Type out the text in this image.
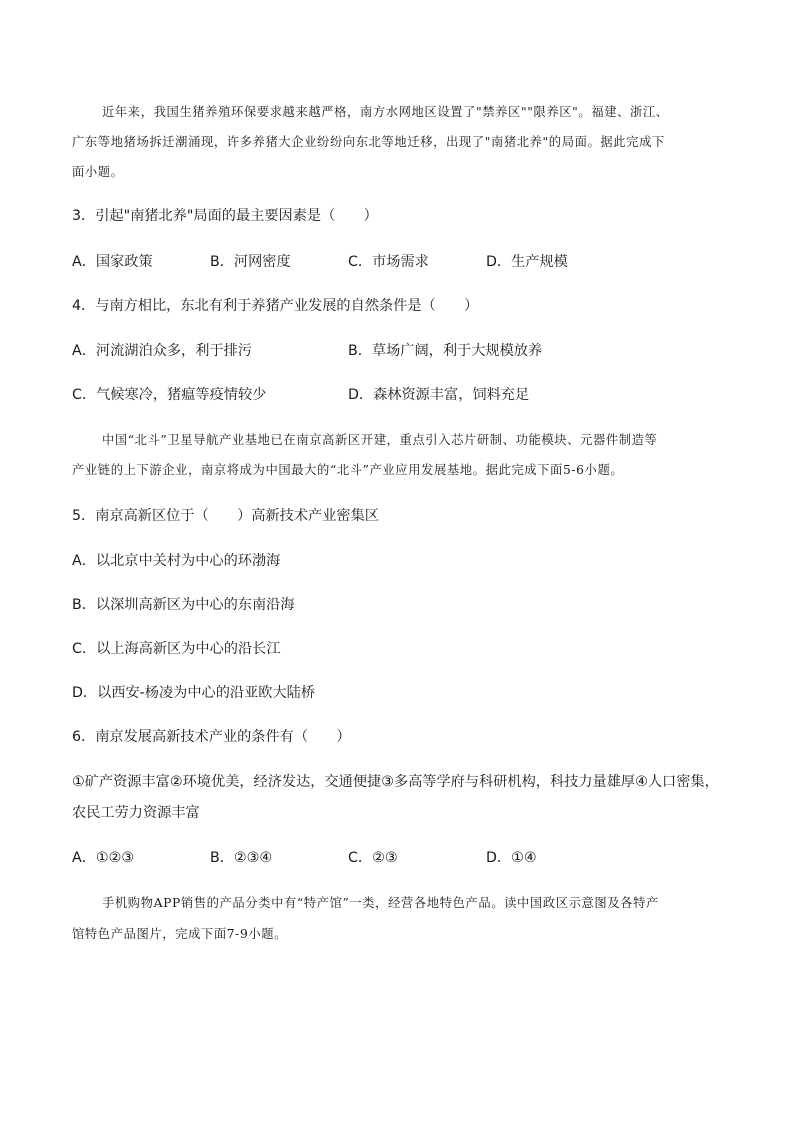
近年来，我国生猪养殖环保要求越来越严格，南方水网地区设置了"禁养区""限养区"。福建、浙江、
广东等地猪场拆迁潮涌现，许多养猪大企业纷纷向东北等地迁移，出现了"南猪北养"的局面。据此完成下
面小题。
3．引起"南猪北养"局面的最主要因素是（　　）
A．国家政策	B．河网密度	C．市场需求	D．生产规模
4．与南方相比，东北有利于养猪产业发展的自然条件是（　　）
A．河流湖泊众多，利于排污	B．草场广阔，利于大规模放养
C．气候寒冷，猪瘟等疫情较少	D．森林资源丰富，饲料充足
中国“北斗”卫星导航产业基地已在南京高新区开建，重点引入芯片研制、功能模块、元器件制造等
产业链的上下游企业，南京将成为中国最大的“北斗”产业应用发展基地。据此完成下面5-6小题。
5．南京高新区位于（　　）高新技术产业密集区
A．以北京中关村为中心的环渤海
B．以深圳高新区为中心的东南沿海
C．以上海高新区为中心的沿长江
D．以西安-杨凌为中心的沿亚欧大陆桥
6．南京发展高新技术产业的条件有（　　）
①矿产资源丰富②环境优美，经济发达，交通便捷③多高等学府与科研机构，科技力量雄厚④人口密集，
农民工劳力资源丰富
A．①②③	B．②③④	C．②③	D．①④
手机购物APP销售的产品分类中有“特产馆”一类，经营各地特色产品。读中国政区示意图及各特产
馆特色产品图片，完成下面7-9小题。
